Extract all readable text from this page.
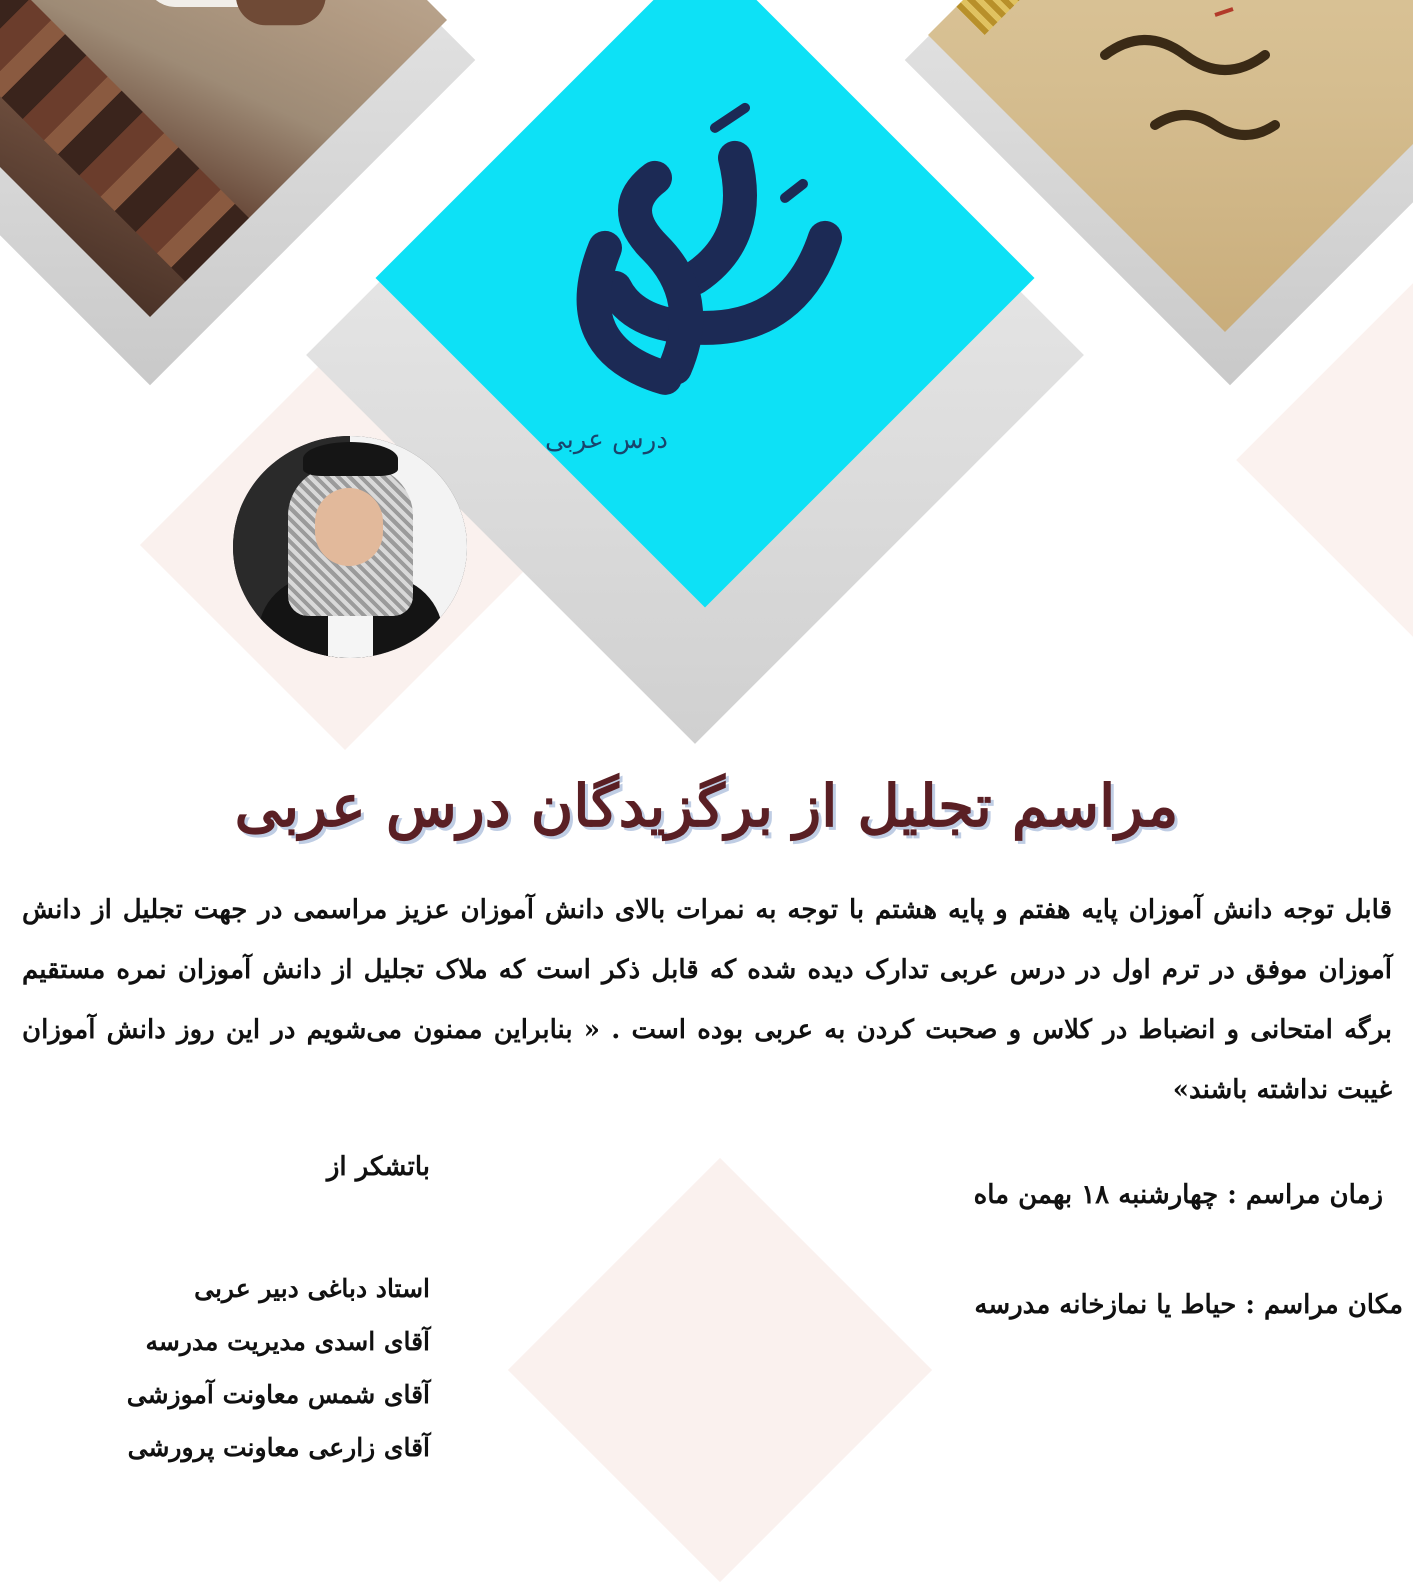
درس عربی
مراسم تجلیل از برگزیدگان درس عربی

قابل توجه دانش آموزان پایه هفتم و پایه هشتم با توجه به نمرات بالای دانش آموزان عزیز مراسمی در جهت تجلیل از دانش آموزان موفق در ترم اول در درس عربی تدارک دیده شده که قابل ذکر است که ملاک تجلیل از دانش آموزان نمره مستقیم برگه امتحانی و انضباط در کلاس و صحبت کردن به عربی بوده است . « بنابراین ممنون می‌شویم در این روز دانش آموزان غیبت نداشته باشند»

زمان مراسم : چهارشنبه ۱۸ بهمن ماه
مکان مراسم : حیاط یا نمازخانه مدرسه
باتشکر از
استاد دباغی دبیر عربی
آقای اسدی مدیریت مدرسه
آقای شمس معاونت آموزشی
آقای زارعی معاونت پرورشی
